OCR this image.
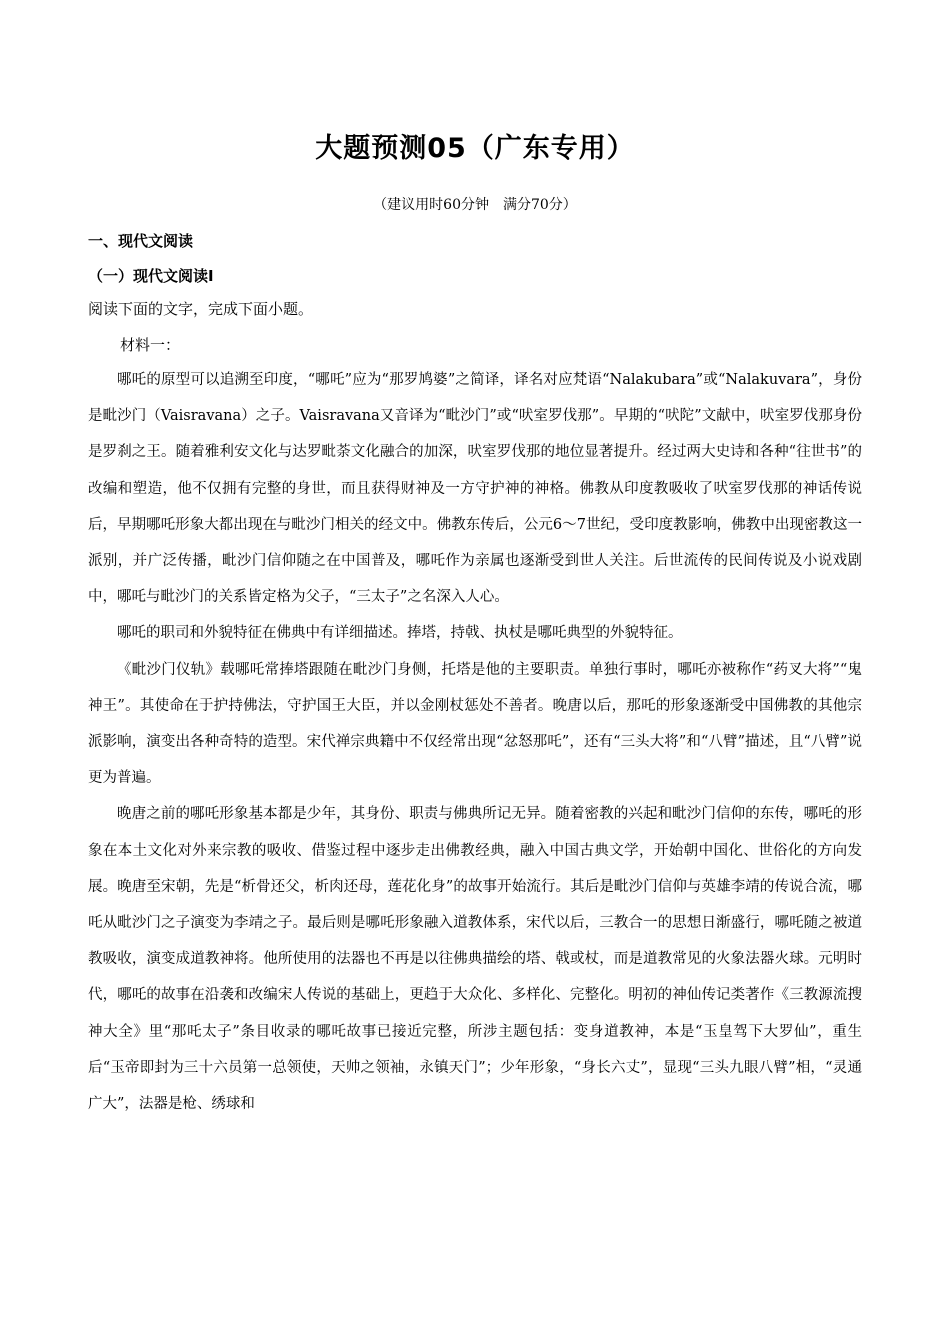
大题预测05（广东专用）
（建议用时60分钟　满分70分）
一、现代文阅读
（一）现代文阅读Ⅰ
阅读下面的文字，完成下面小题。
材料一：

哪吒的原型可以追溯至印度，“哪吒”应为“那罗鸠婆”之简译，译名对应梵语“Nalakubara”或“Nalakuvara”，身份是毗沙门（Vaisravana）之子。Vaisravana又音译为“毗沙门”或“吠室罗伐那”。早期的“吠陀”文献中，吠室罗伐那身份是罗刹之王。随着雅利安文化与达罗毗荼文化融合的加深，吠室罗伐那的地位显著提升。经过两大史诗和各种“往世书”的改编和塑造，他不仅拥有完整的身世，而且获得财神及一方守护神的神格。佛教从印度教吸收了吠室罗伐那的神话传说后，早期哪吒形象大都出现在与毗沙门相关的经文中。佛教东传后，公元6～7世纪，受印度教影响，佛教中出现密教这一派别，并广泛传播，毗沙门信仰随之在中国普及，哪吒作为亲属也逐渐受到世人关注。后世流传的民间传说及小说戏剧中，哪吒与毗沙门的关系皆定格为父子，“三太子”之名深入人心。

哪吒的职司和外貌特征在佛典中有详细描述。捧塔，持戟、执杖是哪吒典型的外貌特征。

《毗沙门仪轨》载哪吒常捧塔跟随在毗沙门身侧，托塔是他的主要职责。单独行事时，哪吒亦被称作“药叉大将”“鬼神王”。其使命在于护持佛法，守护国王大臣，并以金刚杖惩处不善者。晚唐以后，那吒的形象逐渐受中国佛教的其他宗派影响，演变出各种奇特的造型。宋代禅宗典籍中不仅经常出现“忿怒那吒”，还有“三头大将”和“八臂”描述，且“八臂”说更为普遍。

晚唐之前的哪吒形象基本都是少年，其身份、职责与佛典所记无异。随着密教的兴起和毗沙门信仰的东传，哪吒的形象在本土文化对外来宗教的吸收、借鉴过程中逐步走出佛教经典，融入中国古典文学，开始朝中国化、世俗化的方向发展。晚唐至宋朝，先是“析骨还父，析肉还母，莲花化身”的故事开始流行。其后是毗沙门信仰与英雄李靖的传说合流，哪吒从毗沙门之子演变为李靖之子。最后则是哪吒形象融入道教体系，宋代以后，三教合一的思想日渐盛行，哪吒随之被道教吸收，演变成道教神将。他所使用的法器也不再是以往佛典描绘的塔、戟或杖，而是道教常见的火象法器火球。元明时代，哪吒的故事在沿袭和改编宋人传说的基础上，更趋于大众化、多样化、完整化。明初的神仙传记类著作《三教源流搜神大全》里“那吒太子”条目收录的哪吒故事已接近完整，所涉主题包括：变身道教神，本是“玉皇驾下大罗仙”，重生后“玉帝即封为三十六员第一总领使，天帅之领袖，永镇天门”；少年形象，“身长六丈”，显现“三头九眼八臂”相，“灵通广大”，法器是枪、绣球和
